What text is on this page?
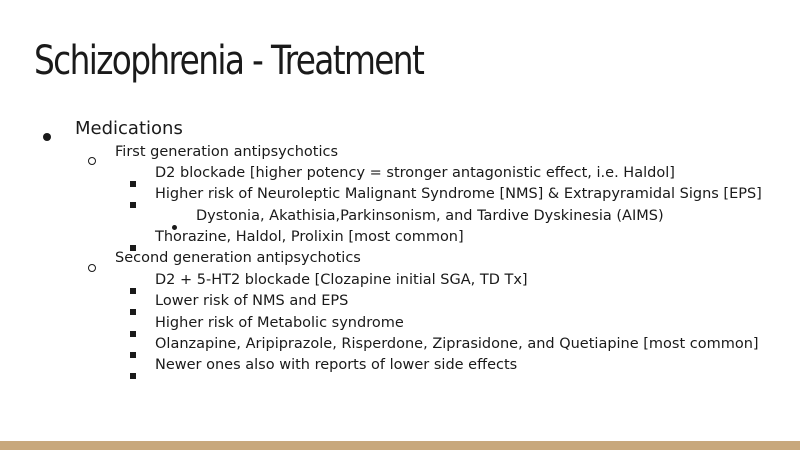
Schizophrenia - Treatment
Medications
First generation antipsychotics
D2 blockade [higher potency = stronger antagonistic effect, i.e. Haldol]
Higher risk of Neuroleptic Malignant Syndrome [NMS] & Extrapyramidal Signs [EPS]
Dystonia, Akathisia,Parkinsonism, and Tardive Dyskinesia (AIMS)
Thorazine, Haldol, Prolixin [most common]
Second generation antipsychotics
D2 + 5-HT2 blockade [Clozapine initial SGA, TD Tx]
Lower risk of NMS and EPS
Higher risk of Metabolic syndrome
Olanzapine, Aripiprazole, Risperdone, Ziprasidone, and Quetiapine [most common]
Newer ones also with reports of lower side effects
